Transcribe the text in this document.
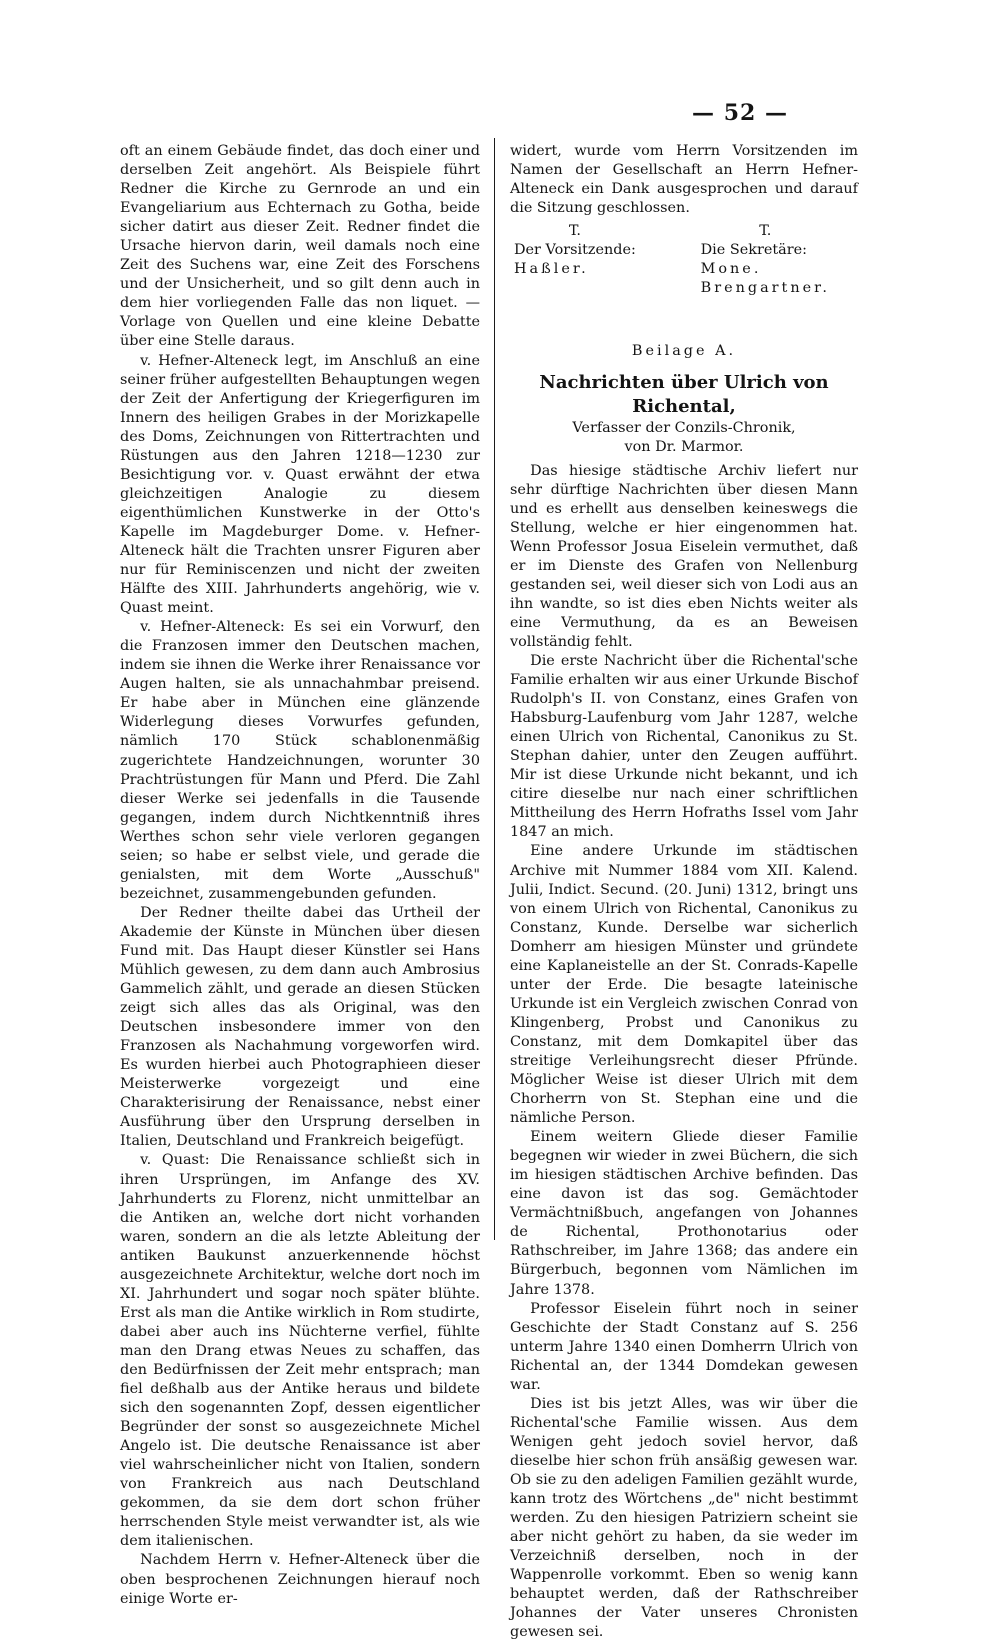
— 52 —

oft an einem Gebäude findet, das doch einer und derselben Zeit angehört. Als Beispiele führt Redner die Kirche zu Gernrode an und ein Evangeliarium aus Echternach zu Gotha, beide sicher datirt aus dieser Zeit. Redner findet die Ursache hiervon darin, weil damals noch eine Zeit des Suchens war, eine Zeit des Forschens und der Unsicherheit, und so gilt denn auch in dem hier vorliegenden Falle das non liquet. — Vorlage von Quellen und eine kleine Debatte über eine Stelle daraus.

v. Hefner-Alteneck legt, im Anschluß an eine seiner früher aufgestellten Behauptungen wegen der Zeit der Anfertigung der Kriegerfiguren im Innern des heiligen Grabes in der Morizkapelle des Doms, Zeichnungen von Rittertrachten und Rüstungen aus den Jahren 1218—1230 zur Besichtigung vor. v. Quast erwähnt der etwa gleichzeitigen Analogie zu diesem eigenthümlichen Kunstwerke in der Otto's Kapelle im Magdeburger Dome. v. Hefner-Alteneck hält die Trachten unsrer Figuren aber nur für Reminiscenzen und nicht der zweiten Hälfte des XIII. Jahrhunderts angehörig, wie v. Quast meint.

v. Hefner-Alteneck: Es sei ein Vorwurf, den die Franzosen immer den Deutschen machen, indem sie ihnen die Werke ihrer Renaissance vor Augen halten, sie als unnachahmbar preisend. Er habe aber in München eine glänzende Widerlegung dieses Vorwurfes gefunden, nämlich 170 Stück schablonenmäßig zugerichtete Handzeichnungen, worunter 30 Prachtrüstungen für Mann und Pferd. Die Zahl dieser Werke sei jedenfalls in die Tausende gegangen, indem durch Nichtkenntniß ihres Werthes schon sehr viele verloren gegangen seien; so habe er selbst viele, und gerade die genialsten, mit dem Worte „Ausschuß" bezeichnet, zusammengebunden gefunden.

Der Redner theilte dabei das Urtheil der Akademie der Künste in München über diesen Fund mit. Das Haupt dieser Künstler sei Hans Mühlich gewesen, zu dem dann auch Ambrosius Gammelich zählt, und gerade an diesen Stücken zeigt sich alles das als Original, was den Deutschen insbesondere immer von den Franzosen als Nachahmung vorgeworfen wird. Es wurden hierbei auch Photographieen dieser Meisterwerke vorgezeigt und eine Charakterisirung der Renaissance, nebst einer Ausführung über den Ursprung derselben in Italien, Deutschland und Frankreich beigefügt.

v. Quast: Die Renaissance schließt sich in ihren Ursprüngen, im Anfange des XV. Jahrhunderts zu Florenz, nicht unmittelbar an die Antiken an, welche dort nicht vorhanden waren, sondern an die als letzte Ableitung der antiken Baukunst anzuerkennende höchst ausgezeichnete Architektur, welche dort noch im XI. Jahrhundert und sogar noch später blühte. Erst als man die Antike wirklich in Rom studirte, dabei aber auch ins Nüchterne verfiel, fühlte man den Drang etwas Neues zu schaffen, das den Bedürfnissen der Zeit mehr entsprach; man fiel deßhalb aus der Antike heraus und bildete sich den sogenannten Zopf, dessen eigentlicher Begründer der sonst so ausgezeichnete Michel Angelo ist. Die deutsche Renaissance ist aber viel wahrscheinlicher nicht von Italien, sondern von Frankreich aus nach Deutschland gekommen, da sie dem dort schon früher herrschenden Style meist verwandter ist, als wie dem italienischen.

Nachdem Herrn v. Hefner-Alteneck über die oben besprochenen Zeichnungen hierauf noch einige Worte er-

widert, wurde vom Herrn Vorsitzenden im Namen der Gesellschaft an Herrn Hefner-Alteneck ein Dank ausgesprochen und darauf die Sitzung geschlossen.

T.
Der Vorsitzende:
Haßler.
T.
Die Sekretäre:
Mone.
Brengartner.
Beilage A.
Nachrichten über Ulrich von Richental,
Verfasser der Conzils-Chronik,
von Dr. Marmor.

Das hiesige städtische Archiv liefert nur sehr dürftige Nachrichten über diesen Mann und es erhellt aus denselben keineswegs die Stellung, welche er hier eingenommen hat. Wenn Professor Josua Eiselein vermuthet, daß er im Dienste des Grafen von Nellenburg gestanden sei, weil dieser sich von Lodi aus an ihn wandte, so ist dies eben Nichts weiter als eine Vermuthung, da es an Beweisen vollständig fehlt.

Die erste Nachricht über die Richental'sche Familie erhalten wir aus einer Urkunde Bischof Rudolph's II. von Constanz, eines Grafen von Habsburg-Laufenburg vom Jahr 1287, welche einen Ulrich von Richental, Canonikus zu St. Stephan dahier, unter den Zeugen aufführt. Mir ist diese Urkunde nicht bekannt, und ich citire dieselbe nur nach einer schriftlichen Mittheilung des Herrn Hofraths Issel vom Jahr 1847 an mich.

Eine andere Urkunde im städtischen Archive mit Nummer 1884 vom XII. Kalend. Julii, Indict. Secund. (20. Juni) 1312, bringt uns von einem Ulrich von Richental, Canonikus zu Constanz, Kunde. Derselbe war sicherlich Domherr am hiesigen Münster und gründete eine Kaplaneistelle an der St. Conrads-Kapelle unter der Erde. Die besagte lateinische Urkunde ist ein Vergleich zwischen Conrad von Klingenberg, Probst und Canonikus zu Constanz, mit dem Domkapitel über das streitige Verleihungsrecht dieser Pfründe. Möglicher Weise ist dieser Ulrich mit dem Chorherrn von St. Stephan eine und die nämliche Person.

Einem weitern Gliede dieser Familie begegnen wir wieder in zwei Büchern, die sich im hiesigen städtischen Archive befinden. Das eine davon ist das sog. Gemächtoder Vermächtnißbuch, angefangen von Johannes de Richental, Prothonotarius oder Rathschreiber, im Jahre 1368; das andere ein Bürgerbuch, begonnen vom Nämlichen im Jahre 1378.

Professor Eiselein führt noch in seiner Geschichte der Stadt Constanz auf S. 256 unterm Jahre 1340 einen Domherrn Ulrich von Richental an, der 1344 Domdekan gewesen war.

Dies ist bis jetzt Alles, was wir über die Richental'sche Familie wissen. Aus dem Wenigen geht jedoch soviel hervor, daß dieselbe hier schon früh ansäßig gewesen war. Ob sie zu den adeligen Familien gezählt wurde, kann trotz des Wörtchens „de" nicht bestimmt werden. Zu den hiesigen Patriziern scheint sie aber nicht gehört zu haben, da sie weder im Verzeichniß derselben, noch in der Wappenrolle vorkommt. Eben so wenig kann behauptet werden, daß der Rathschreiber Johannes der Vater unseres Chronisten gewesen sei.
